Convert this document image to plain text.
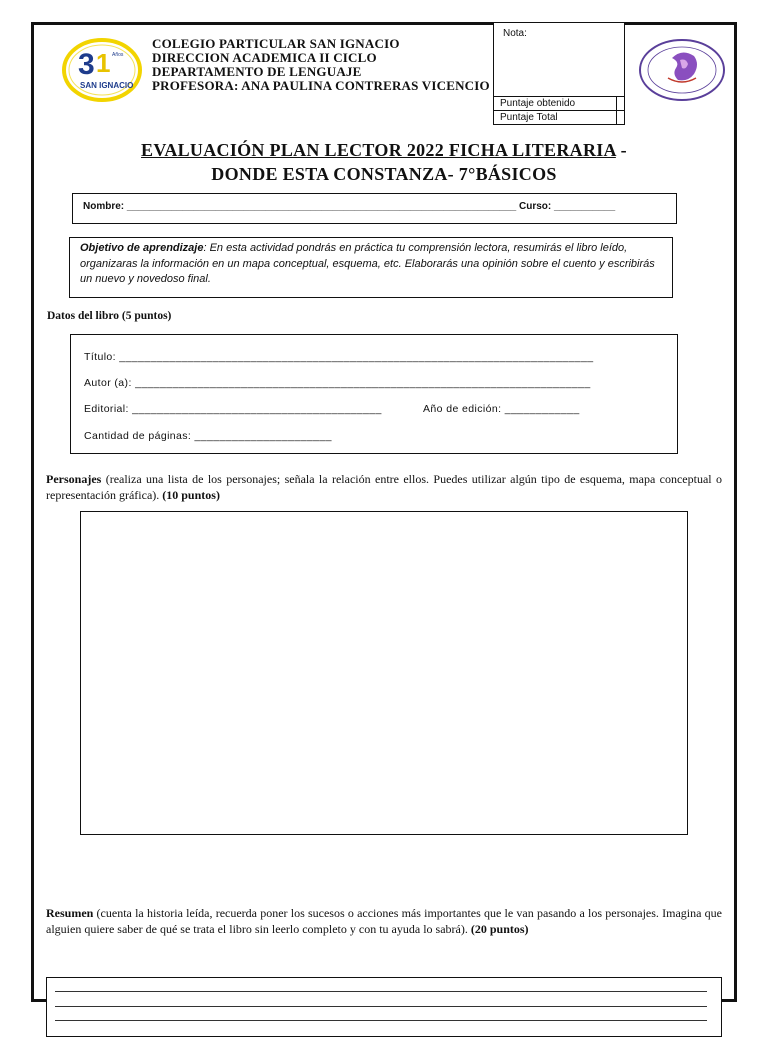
3 1 Años
SAN IGNACIO
COLEGIO PARTICULAR SAN IGNACIO
DIRECCION ACADEMICA II CICLO
DEPARTAMENTO DE LENGUAJE
PROFESORA: ANA PAULINA CONTRERAS VICENCIO
Nota:
Puntaje obtenido
Puntaje Total
EVALUACIÓN PLAN LECTOR 2022 FICHA LITERARIA -
DONDE ESTA CONSTANZA- 7°BÁSICOS
Nombre: ______________________________________________________________________ Curso: ___________
Objetivo de aprendizaje: En esta actividad pondrás en práctica tu comprensión lectora, resumirás el libro leído, organizaras la información en un mapa conceptual, esquema, etc. Elaborarás una opinión sobre el cuento y escribirás un nuevo y novedoso final.
Datos del libro (5 puntos)
Título: ____________________________________________________________________________
Autor (a): _________________________________________________________________________
Editorial: ________________________________________	Año de edición: ____________
Cantidad de páginas: ______________________
Personajes (realiza una lista de los personajes; señala la relación entre ellos. Puedes utilizar algún tipo de esquema, mapa conceptual o representación gráfica). (10 puntos)
Resumen (cuenta la historia leída, recuerda poner los sucesos o acciones más importantes que le van pasando a los personajes. Imagina que alguien quiere saber de qué se trata el libro sin leerlo completo y con tu ayuda lo sabrá). (20 puntos)
